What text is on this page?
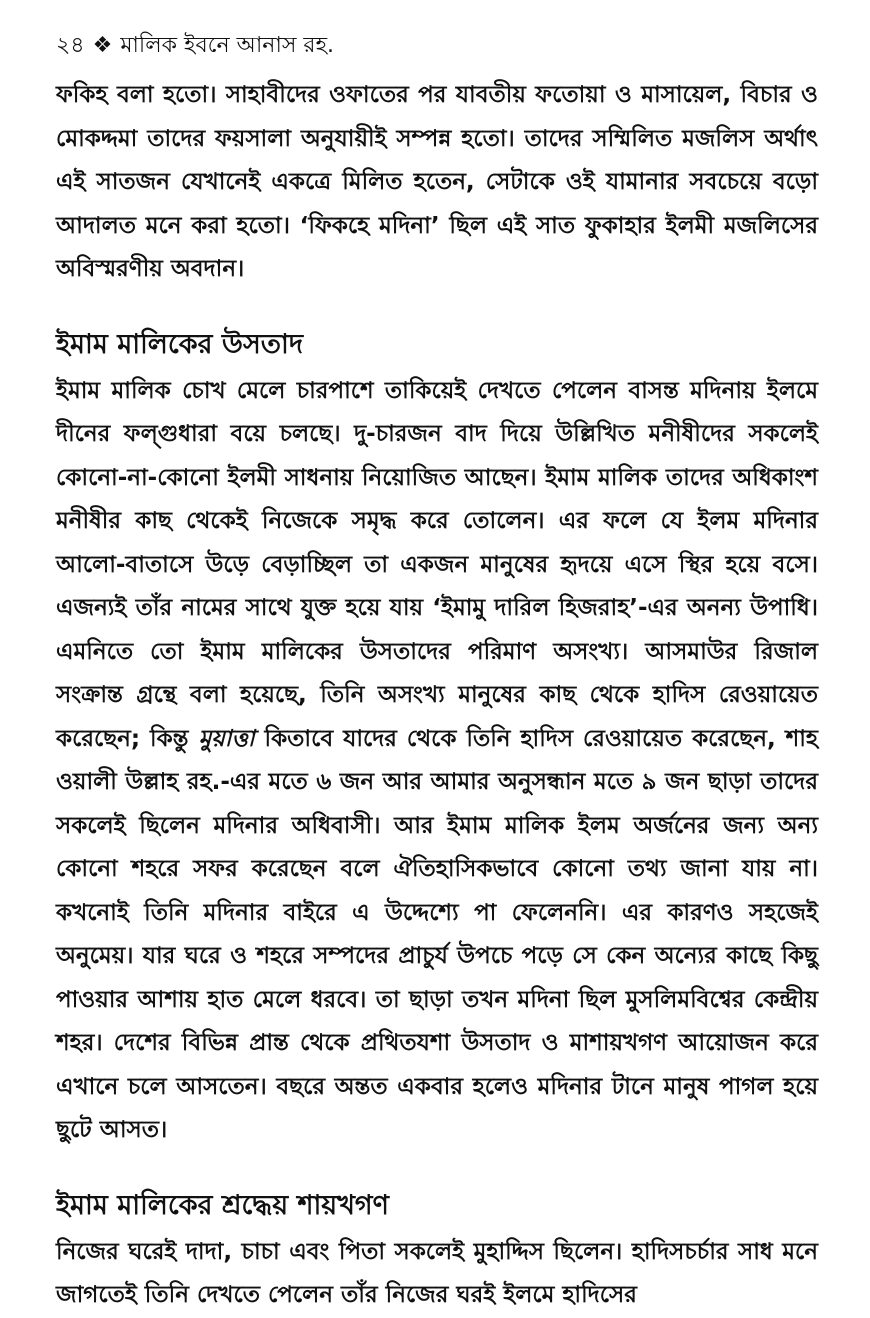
২৪ ❖ মালিক ইবনে আনাস রহ.

ফকিহ বলা হতো। সাহাবীদের ওফাতের পর যাবতীয় ফতোয়া ও মাসায়েল, বিচার ও মোকদ্দমা তাদের ফয়সালা অনুযায়ীই সম্পন্ন হতো। তাদের সম্মিলিত মজলিস অর্থাৎ এই সাতজন যেখানেই একত্রে মিলিত হতেন, সেটাকে ওই যামানার সবচেয়ে বড়ো আদালত মনে করা হতো। ‘ফিকহে মদিনা’ ছিল এই সাত ফুকাহার ইলমী মজলিসের অবিস্মরণীয় অবদান।

ইমাম মালিকের উসতাদ

ইমাম মালিক চোখ মেলে চারপাশে তাকিয়েই দেখতে পেলেন বাসন্ত মদিনায় ইলমে দীনের ফল্গুধারা বয়ে চলছে। দু-চারজন বাদ দিয়ে উল্লিখিত মনীষীদের সকলেই কোনো-না-কোনো ইলমী সাধনায় নিয়োজিত আছেন। ইমাম মালিক তাদের অধিকাংশ মনীষীর কাছ থেকেই নিজেকে সমৃদ্ধ করে তোলেন। এর ফলে যে ইলম মদিনার আলো-বাতাসে উড়ে বেড়াচ্ছিল তা একজন মানুষের হৃদয়ে এসে স্থির হয়ে বসে। এজন্যই তাঁর নামের সাথে যুক্ত হয়ে যায় ‘ইমামু দারিল হিজরাহ’-এর অনন্য উপাধি। এমনিতে তো ইমাম মালিকের উসতাদের পরিমাণ অসংখ্য। আসমাউর রিজাল সংক্রান্ত গ্রন্থে বলা হয়েছে, তিনি অসংখ্য মানুষের কাছ থেকে হাদিস রেওয়ায়েত করেছেন; কিন্তু মুয়াত্তা কিতাবে যাদের থেকে তিনি হাদিস রেওয়ায়েত করেছেন, শাহ ওয়ালী উল্লাহ রহ.-এর মতে ৬ জন আর আমার অনুসন্ধান মতে ৯ জন ছাড়া তাদের সকলেই ছিলেন মদিনার অধিবাসী। আর ইমাম মালিক ইলম অর্জনের জন্য অন্য কোনো শহরে সফর করেছেন বলে ঐতিহাসিকভাবে কোনো তথ্য জানা যায় না। কখনোই তিনি মদিনার বাইরে এ উদ্দেশ্যে পা ফেলেননি। এর কারণও সহজেই অনুমেয়। যার ঘরে ও শহরে সম্পদের প্রাচুর্য উপচে পড়ে সে কেন অন্যের কাছে কিছু পাওয়ার আশায় হাত মেলে ধরবে। তা ছাড়া তখন মদিনা ছিল মুসলিমবিশ্বের কেন্দ্রীয় শহর। দেশের বিভিন্ন প্রান্ত থেকে প্রথিতযশা উসতাদ ও মাশায়খগণ আয়োজন করে এখানে চলে আসতেন। বছরে অন্তত একবার হলেও মদিনার টানে মানুষ পাগল হয়ে ছুটে আসত।

ইমাম মালিকের শ্রদ্ধেয় শায়খগণ

নিজের ঘরেই দাদা, চাচা এবং পিতা সকলেই মুহাদ্দিস ছিলেন। হাদিসচর্চার সাধ মনে জাগতেই তিনি দেখতে পেলেন তাঁর নিজের ঘরই ইলমে হাদিসের
